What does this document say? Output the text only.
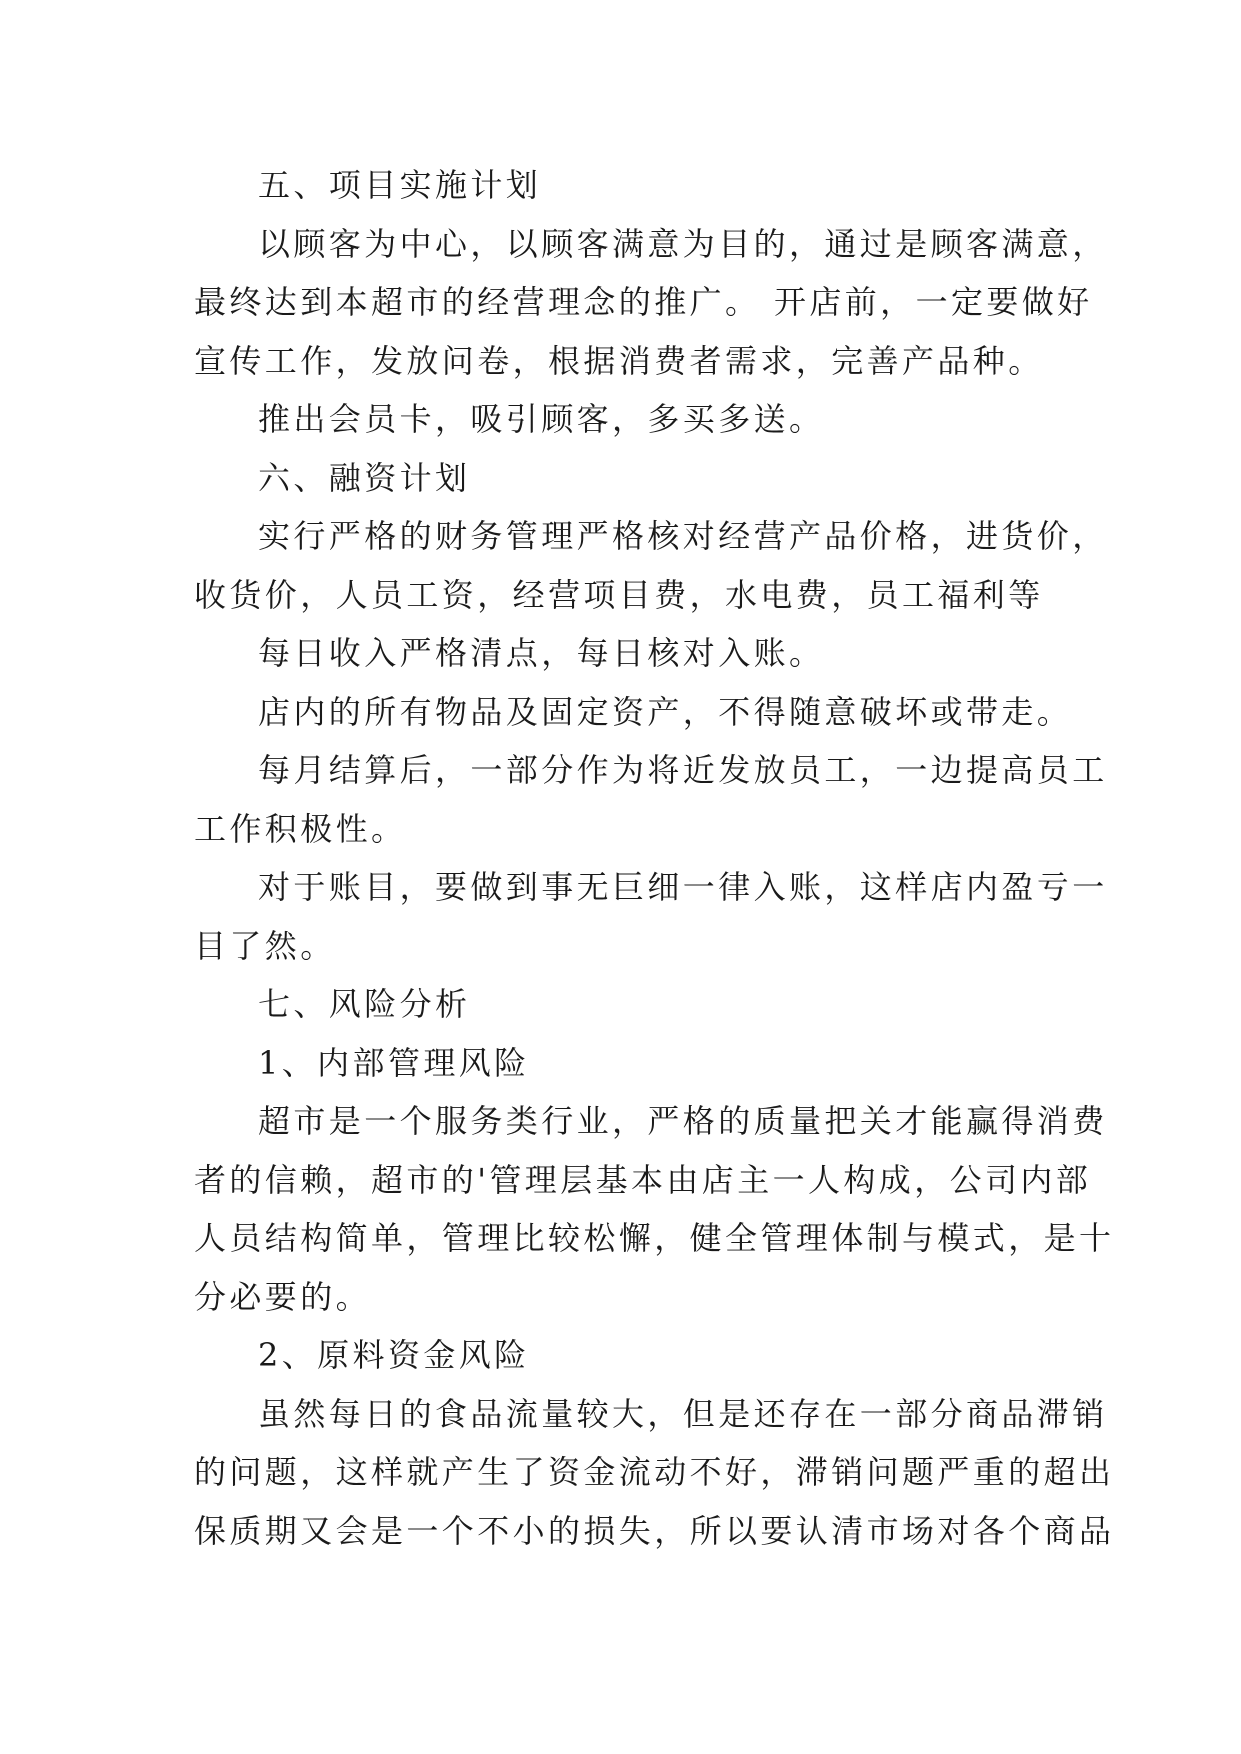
五、项目实施计划
以顾客为中心，以顾客满意为目的，通过是顾客满意，
最终达到本超市的经营理念的推广。 开店前，一定要做好
宣传工作，发放问卷，根据消费者需求，完善产品种。
推出会员卡，吸引顾客，多买多送。
六、融资计划
实行严格的财务管理严格核对经营产品价格，进货价，
收货价，人员工资，经营项目费，水电费，员工福利等
每日收入严格清点，每日核对入账。
店内的所有物品及固定资产，不得随意破坏或带走。
每月结算后，一部分作为将近发放员工，一边提高员工
工作积极性。
对于账目，要做到事无巨细一律入账，这样店内盈亏一
目了然。
七、风险分析
1、内部管理风险
超市是一个服务类行业，严格的质量把关才能赢得消费
者的信赖，超市的'管理层基本由店主一人构成，公司内部
人员结构简单，管理比较松懈，健全管理体制与模式，是十
分必要的。
2、原料资金风险
虽然每日的食品流量较大，但是还存在一部分商品滞销
的问题，这样就产生了资金流动不好，滞销问题严重的超出
保质期又会是一个不小的损失，所以要认清市场对各个商品
